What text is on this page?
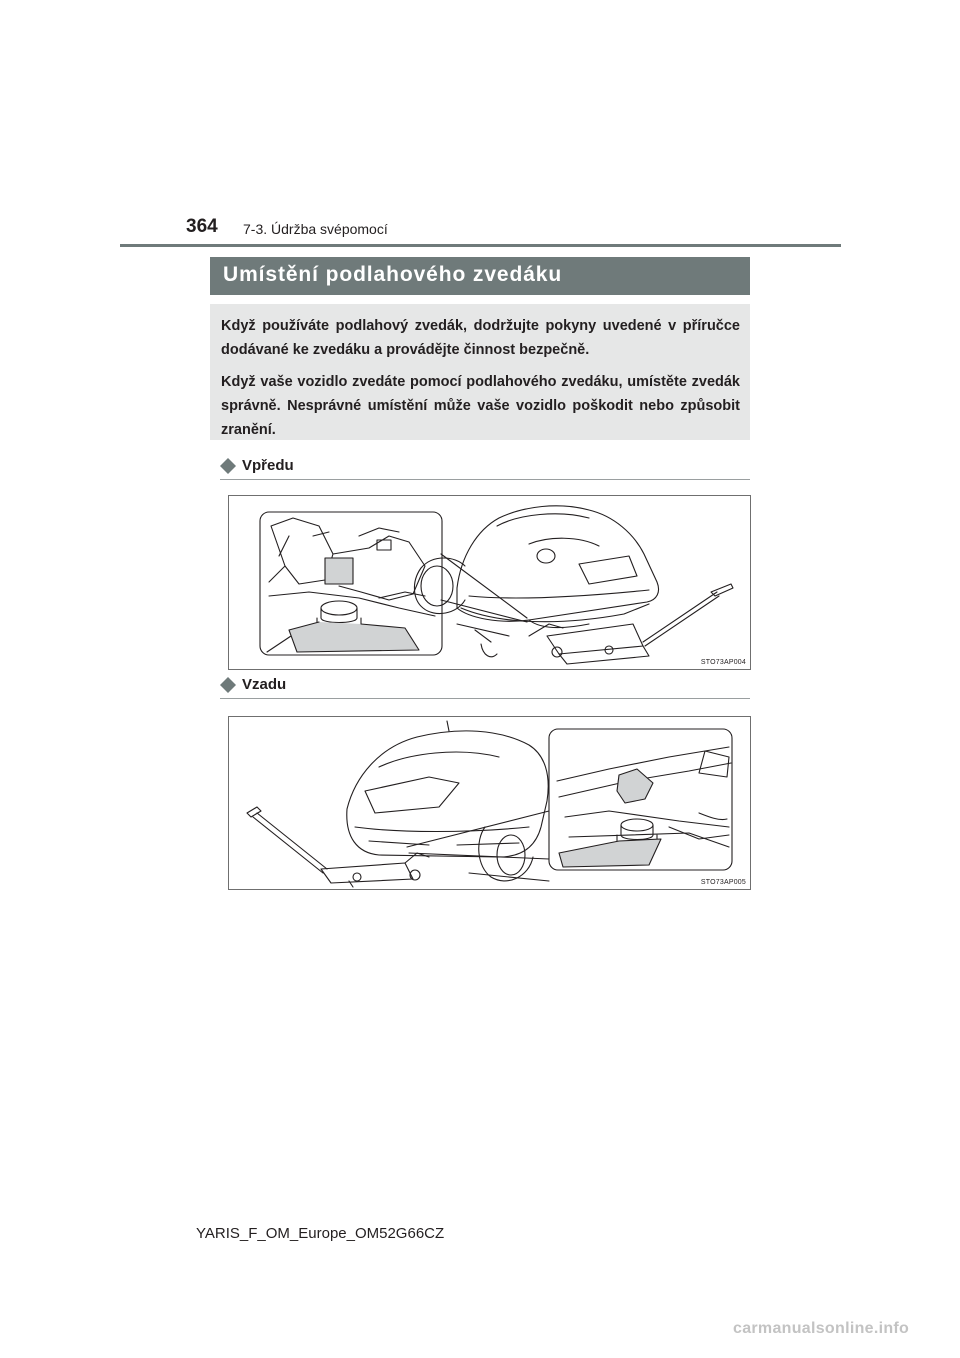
364 7-3. Údržba svépomocí
Umístění podlahového zvedáku

Když používáte podlahový zvedák, dodržujte pokyny uvedené v příručce dodávané ke zvedáku a provádějte činnost bezpečně.

Když vaše vozidlo zvedáte pomocí podlahového zvedáku, umístěte zvedák správně. Nesprávné umístění může vaše vozidlo poškodit nebo způsobit zranění.

Vpředu
STO73AP004
Vzadu
STO73AP005
YARIS_F_OM_Europe_OM52G66CZ
carmanualsonline.info
